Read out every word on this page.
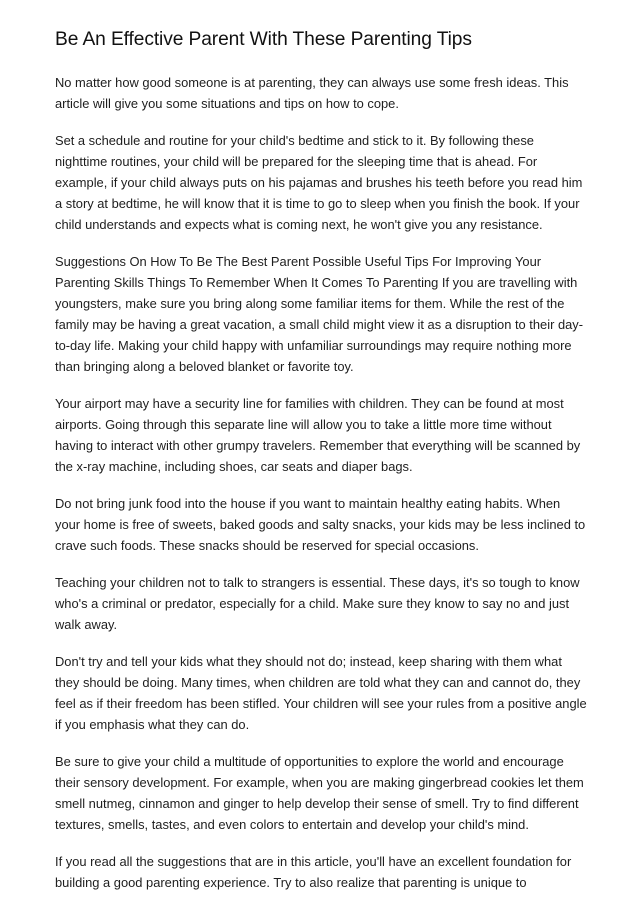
Be An Effective Parent With These Parenting Tips

No matter how good someone is at parenting, they can always use some fresh ideas. This article will give you some situations and tips on how to cope.

Set a schedule and routine for your child's bedtime and stick to it. By following these nighttime routines, your child will be prepared for the sleeping time that is ahead. For example, if your child always puts on his pajamas and brushes his teeth before you read him a story at bedtime, he will know that it is time to go to sleep when you finish the book. If your child understands and expects what is coming next, he won't give you any resistance.

Suggestions On How To Be The Best Parent Possible Useful Tips For Improving Your Parenting Skills Things To Remember When It Comes To Parenting If you are travelling with youngsters, make sure you bring along some familiar items for them. While the rest of the family may be having a great vacation, a small child might view it as a disruption to their day-to-day life. Making your child happy with unfamiliar surroundings may require nothing more than bringing along a beloved blanket or favorite toy.

Your airport may have a security line for families with children. They can be found at most airports. Going through this separate line will allow you to take a little more time without having to interact with other grumpy travelers. Remember that everything will be scanned by the x-ray machine, including shoes, car seats and diaper bags.

Do not bring junk food into the house if you want to maintain healthy eating habits. When your home is free of sweets, baked goods and salty snacks, your kids may be less inclined to crave such foods. These snacks should be reserved for special occasions.

Teaching your children not to talk to strangers is essential. These days, it's so tough to know who's a criminal or predator, especially for a child. Make sure they know to say no and just walk away.

Don't try and tell your kids what they should not do; instead, keep sharing with them what they should be doing. Many times, when children are told what they can and cannot do, they feel as if their freedom has been stifled. Your children will see your rules from a positive angle if you emphasis what they can do.

Be sure to give your child a multitude of opportunities to explore the world and encourage their sensory development. For example, when you are making gingerbread cookies let them smell nutmeg, cinnamon and ginger to help develop their sense of smell. Try to find different textures, smells, tastes, and even colors to entertain and develop your child's mind.

If you read all the suggestions that are in this article, you'll have an excellent foundation for building a good parenting experience. Try to also realize that parenting is unique to
